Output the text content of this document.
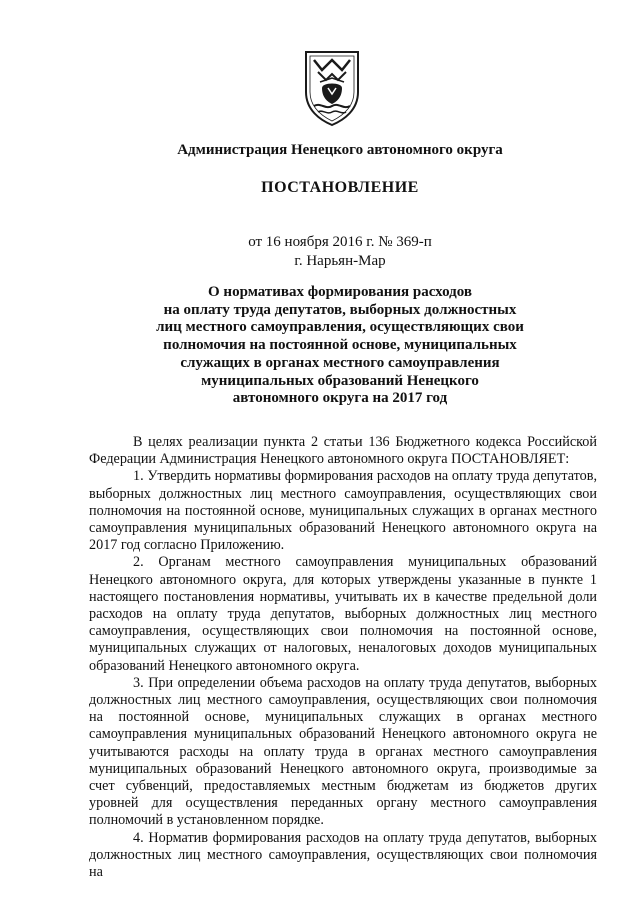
Администрация Ненецкого автономного округа
ПОСТАНОВЛЕНИЕ
от 16 ноября 2016 г. № 369-п
г. Нарьян-Мар
О нормативах формирования расходов
на оплату труда депутатов, выборных должностных
лиц местного самоуправления, осуществляющих свои
полномочия на постоянной основе, муниципальных
служащих в органах местного самоуправления
муниципальных образований Ненецкого
автономного округа на 2017 год

В целях реализации пункта 2 статьи 136 Бюджетного кодекса Российской Федерации Администрация Ненецкого автономного округа ПОСТАНОВЛЯЕТ:

1. Утвердить нормативы формирования расходов на оплату труда депутатов, выборных должностных лиц местного самоуправления, осуществляющих свои полномочия на постоянной основе, муниципальных служащих в органах местного самоуправления муниципальных образований Ненецкого автономного округа на 2017 год согласно Приложению.

2. Органам местного самоуправления муниципальных образований Ненецкого автономного округа, для которых утверждены указанные в пункте 1 настоящего постановления нормативы, учитывать их в качестве предельной доли расходов на оплату труда депутатов, выборных должностных лиц местного самоуправления, осуществляющих свои полномочия на постоянной основе, муниципальных служащих от налоговых, неналоговых доходов муниципальных образований Ненецкого автономного округа.

3. При определении объема расходов на оплату труда депутатов, выборных должностных лиц местного самоуправления, осуществляющих свои полномочия на постоянной основе, муниципальных служащих в органах местного самоуправления муниципальных образований Ненецкого автономного округа не учитываются расходы на оплату труда в органах местного самоуправления муниципальных образований Ненецкого автономного округа, производимые за счет субвенций, предоставляемых местным бюджетам из бюджетов других уровней для осуществления переданных органу местного самоуправления полномочий в установленном порядке.

4. Норматив формирования расходов на оплату труда депутатов, выборных должностных лиц местного самоуправления, осуществляющих свои полномочия на
